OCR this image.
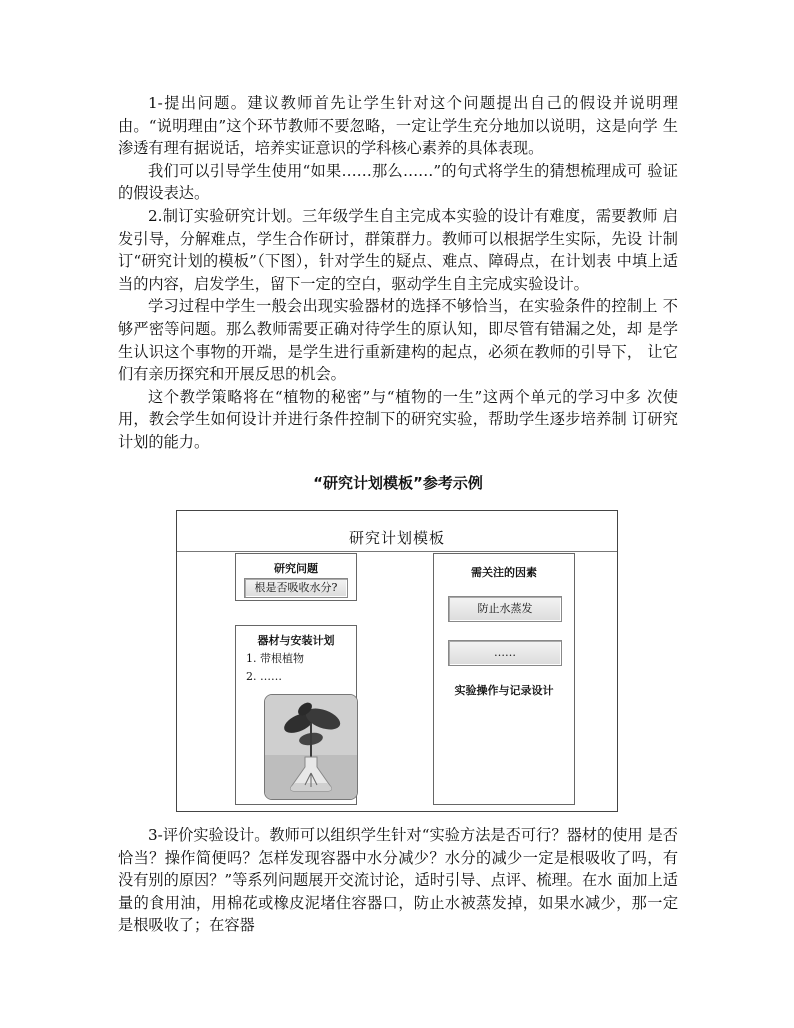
1-提出问题。建议教师首先让学生针对这个问题提出自己的假设并说明理 由。“说明理由”这个环节教师不要忽略，一定让学生充分地加以说明，这是向学 生渗透有理有据说话，培养实证意识的学科核心素养的具体表现。

我们可以引导学生使用“如果……那么……”的句式将学生的猜想梳理成可 验证的假设表达。

2.制订实验研究计划。三年级学生自主完成本实验的设计有难度，需要教师 启发引导，分解难点，学生合作研讨，群策群力。教师可以根据学生实际，先设 计制订“研究计划的模板”（下图），针对学生的疑点、难点、障碍点，在计划表 中填上适当的内容，启发学生，留下一定的空白，驱动学生自主完成实验设计。

学习过程中学生一般会出现实验器材的选择不够恰当，在实验条件的控制上 不够严密等问题。那么教师需要正确对待学生的原认知，即尽管有错漏之处，却 是学生认识这个事物的开端，是学生进行重新建构的起点，必须在教师的引导下， 让它们有亲历探究和开展反思的机会。

这个教学策略将在“植物的秘密”与“植物的一生”这两个单元的学习中多 次使用，教会学生如何设计并进行条件控制下的研究实验，帮助学生逐步培养制 订研究计划的能力。

“研究计划模板”参考示例
研究计划模板
研究问题
根是否吸收水分?
器材与安装计划
1. 带根植物
2. ……
需关注的因素
防止水蒸发
……
实验操作与记录设计

3-评价实验设计。教师可以组织学生针对“实验方法是否可行？器材的使用 是否恰当？操作简便吗？怎样发现容器中水分减少？水分的减少一定是根吸收了吗，有没有别的原因？”等系列问题展开交流讨论，适时引导、点评、梳理。在水 面加上适量的食用油，用棉花或橡皮泥堵住容器口，防止水被蒸发掉，如果水减少，那一定是根吸收了；在容器
